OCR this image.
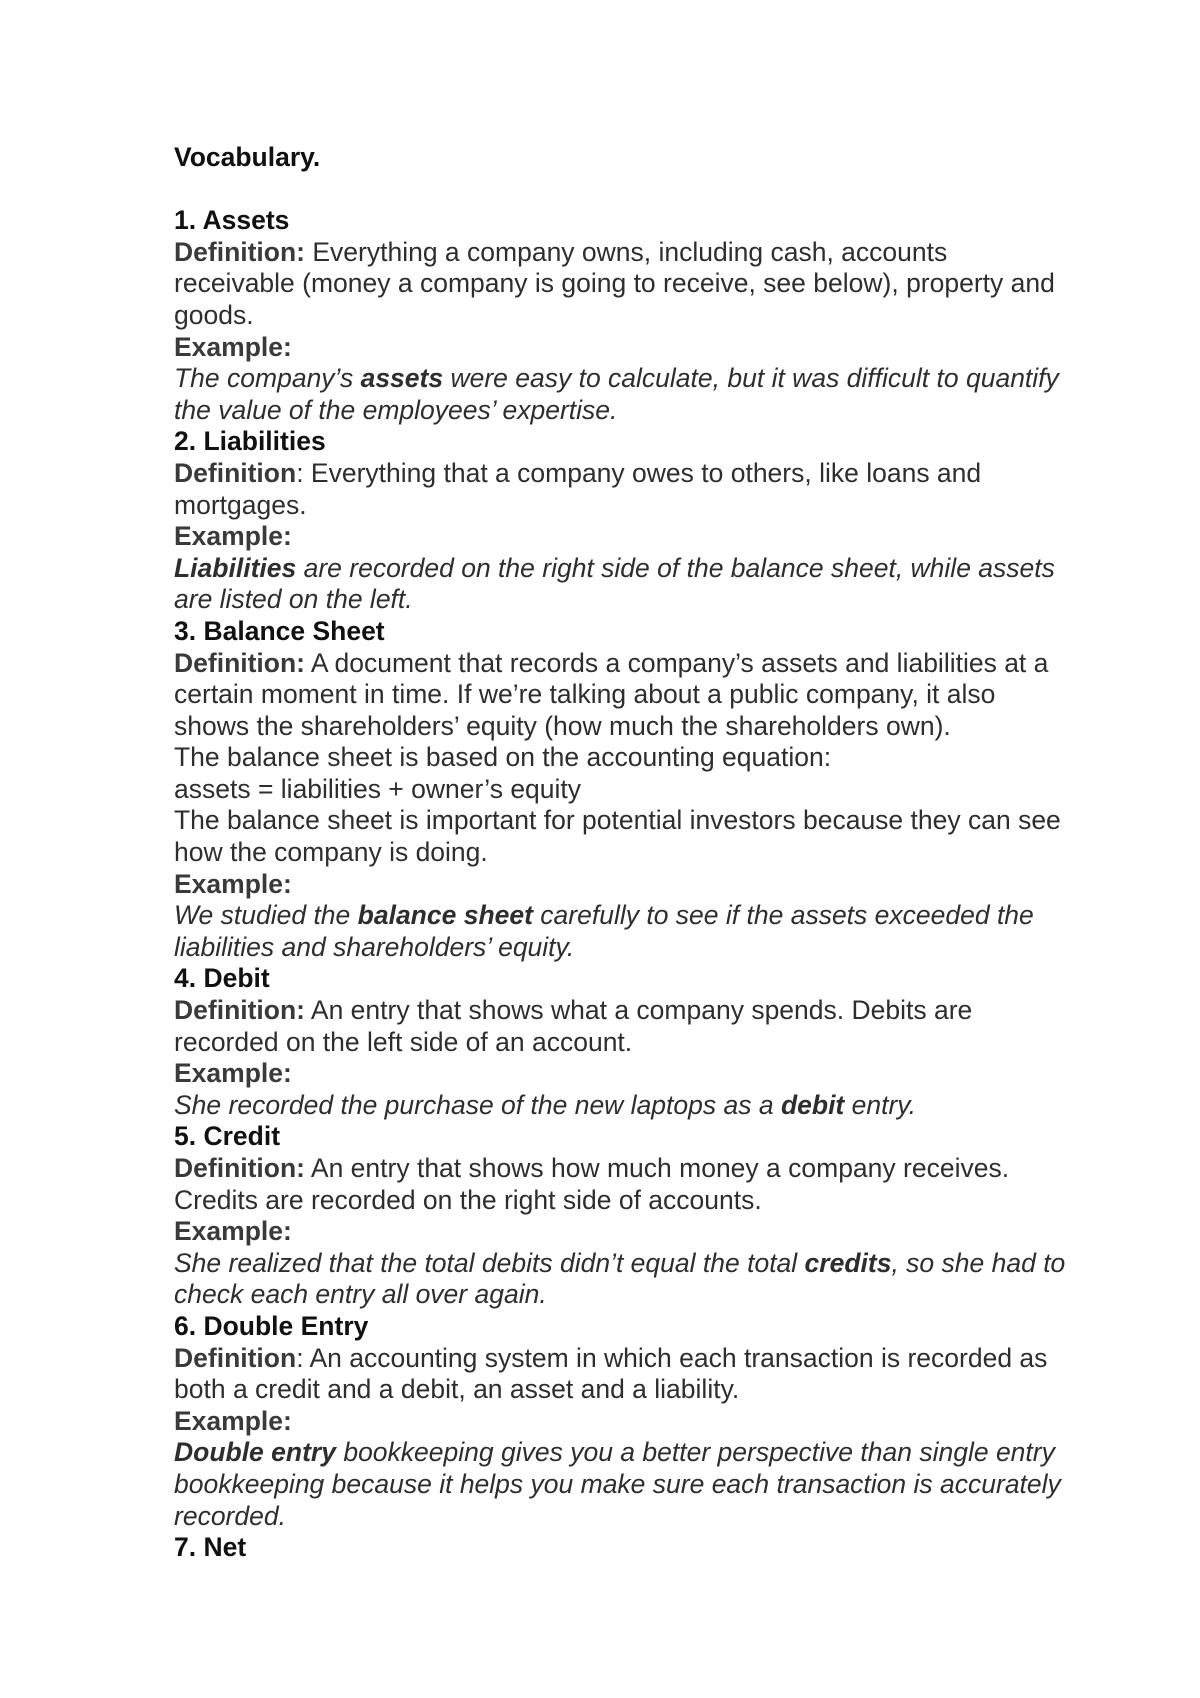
Vocabulary.

1. Assets

Definition: Everything a company owns, including cash, accounts receivable (money a company is going to receive, see below), property and goods.

Example:

The company’s assets were easy to calculate, but it was difficult to quantify the value of the employees’ expertise.

2. Liabilities

Definition: Everything that a company owes to others, like loans and mortgages.

Example:

Liabilities are recorded on the right side of the balance sheet, while assets are listed on the left.

3. Balance Sheet

Definition: A document that records a company’s assets and liabilities at a certain moment in time. If we’re talking about a public company, it also shows the shareholders’ equity (how much the shareholders own).

The balance sheet is based on the accounting equation:

assets = liabilities + owner’s equity

The balance sheet is important for potential investors because they can see how the company is doing.

Example:

We studied the balance sheet carefully to see if the assets exceeded the liabilities and shareholders’ equity.

4. Debit

Definition: An entry that shows what a company spends. Debits are recorded on the left side of an account.

Example:

She recorded the purchase of the new laptops as a debit entry.

5. Credit

Definition: An entry that shows how much money a company receives. Credits are recorded on the right side of accounts.

Example:

She realized that the total debits didn’t equal the total credits, so she had to check each entry all over again.

6. Double Entry

Definition: An accounting system in which each transaction is recorded as both a credit and a debit, an asset and a liability.

Example:

Double entry bookkeeping gives you a better perspective than single entry bookkeeping because it helps you make sure each transaction is accurately recorded.

7. Net
